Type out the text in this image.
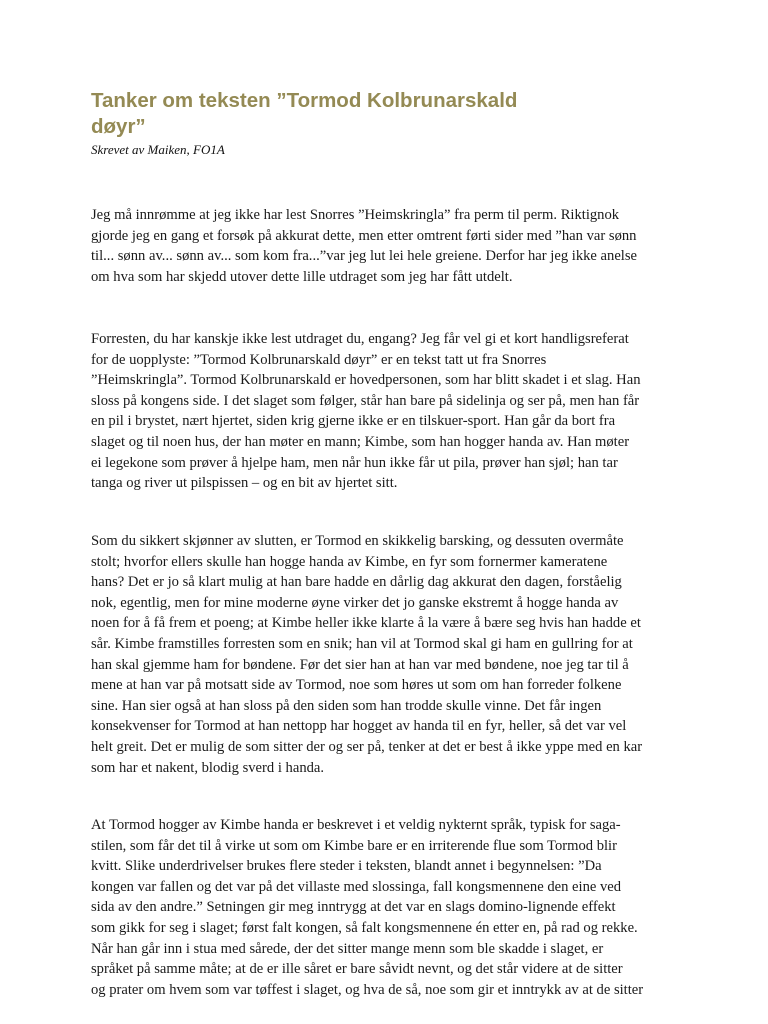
Tanker om teksten ”Tormod Kolbrunarskald
døyr”

Skrevet av Maiken, FO1A

Jeg må innrømme at jeg ikke har lest Snorres ”Heimskringla” fra perm til perm. Riktignok
gjorde jeg en gang et forsøk på akkurat dette, men etter omtrent førti sider med ”han var sønn
til... sønn av... sønn av... som kom fra...”var jeg lut lei hele greiene. Derfor har jeg ikke anelse
om hva som har skjedd utover dette lille utdraget som jeg har fått utdelt.

Forresten, du har kanskje ikke lest utdraget du, engang? Jeg får vel gi et kort handligsreferat
for de uopplyste: ”Tormod Kolbrunarskald døyr” er en tekst tatt ut fra Snorres
”Heimskringla”. Tormod Kolbrunarskald er hovedpersonen, som har blitt skadet i et slag. Han
sloss på kongens side. I det slaget som følger, står han bare på sidelinja og ser på, men han får
en pil i brystet, nært hjertet, siden krig gjerne ikke er en tilskuer-sport. Han går da bort fra
slaget og til noen hus, der han møter en mann; Kimbe, som han hogger handa av. Han møter
ei legekone som prøver å hjelpe ham, men når hun ikke får ut pila, prøver han sjøl; han tar
tanga og river ut pilspissen – og en bit av hjertet sitt.

Som du sikkert skjønner av slutten, er Tormod en skikkelig barsking, og dessuten overmåte
stolt; hvorfor ellers skulle han hogge handa av Kimbe, en fyr som fornermer kameratene
hans? Det er jo så klart mulig at han bare hadde en dårlig dag akkurat den dagen, forståelig
nok, egentlig, men for mine moderne øyne virker det jo ganske ekstremt å hogge handa av
noen for å få frem et poeng; at Kimbe heller ikke klarte å la være å bære seg hvis han hadde et
sår. Kimbe framstilles forresten som en snik; han vil at Tormod skal gi ham en gullring for at
han skal gjemme ham for bøndene. Før det sier han at han var med bøndene, noe jeg tar til å
mene at han var på motsatt side av Tormod, noe som høres ut som om han forreder folkene
sine. Han sier også at han sloss på den siden som han trodde skulle vinne. Det får ingen
konsekvenser for Tormod at han nettopp har hogget av handa til en fyr, heller, så det var vel
helt greit. Det er mulig de som sitter der og ser på, tenker at det er best å ikke yppe med en kar
som har et nakent, blodig sverd i handa.

At Tormod hogger av Kimbe handa er beskrevet i et veldig nykternt språk, typisk for saga-
stilen, som får det til å virke ut som om Kimbe bare er en irriterende flue som Tormod blir
kvitt. Slike underdrivelser brukes flere steder i teksten, blandt annet i begynnelsen: ”Da
kongen var fallen og det var på det villaste med slossinga, fall kongsmennene den eine ved
sida av den andre.” Setningen gir meg inntrygg at det var en slags domino-lignende effekt
som gikk for seg i slaget; først falt kongen, så falt kongsmennene én etter en, på rad og rekke.
Når han går inn i stua med sårede, der det sitter mange menn som ble skadde i slaget, er
språket på samme måte; at de er ille såret er bare såvidt nevnt, og det står videre at de sitter
og prater om hvem som var tøffest i slaget, og hva de så, noe som gir et inntrykk av at de sitter
